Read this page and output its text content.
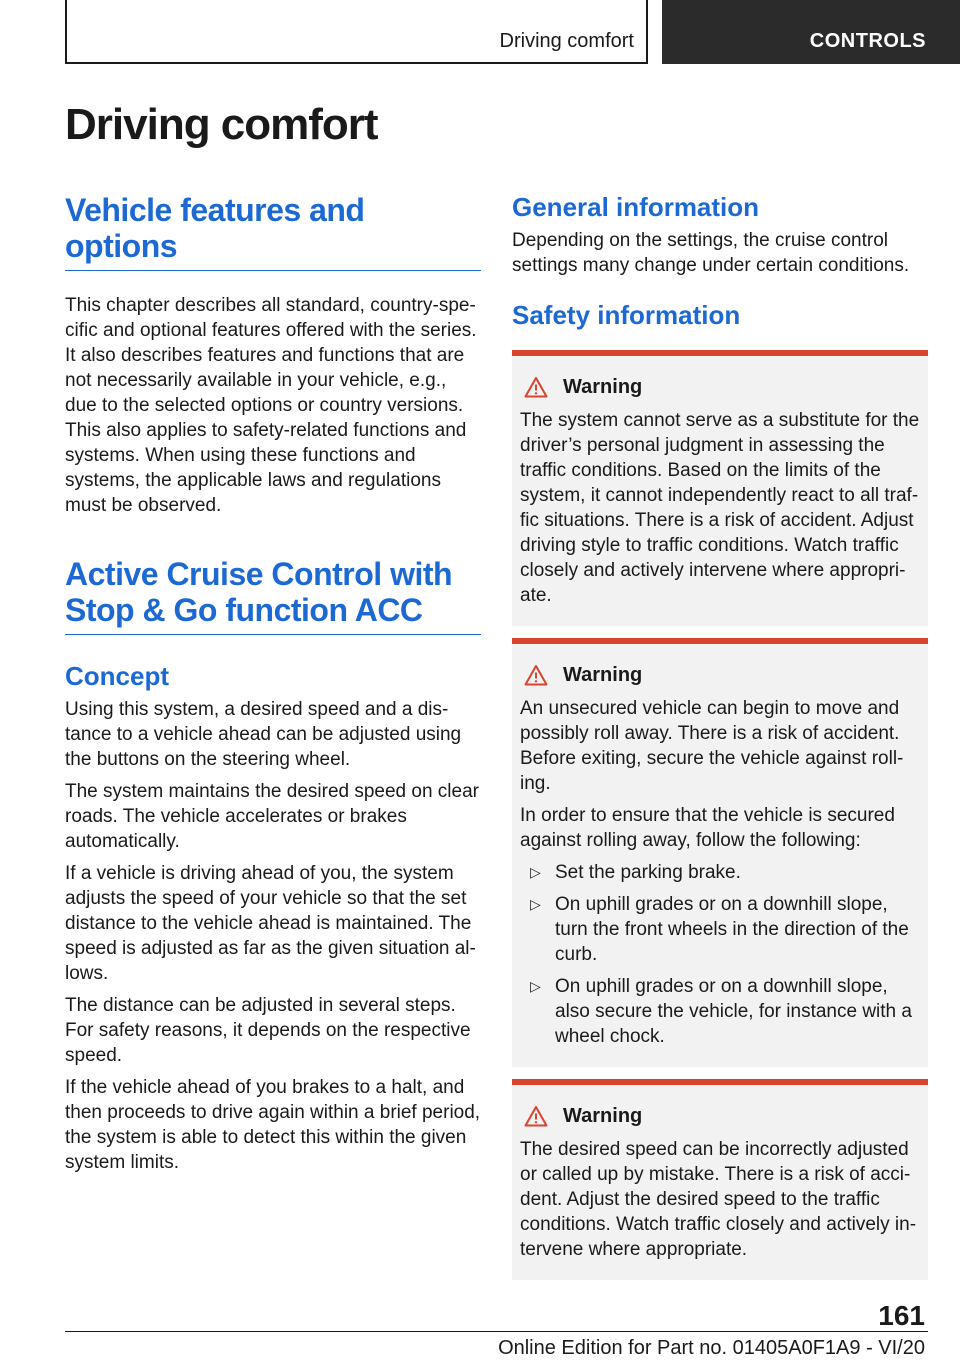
Driving comfort	CONTROLS
Driving comfort
Vehicle features and options

This chapter describes all standard, country-specific and optional features offered with the series. It also describes features and functions that are not necessarily available in your vehicle, e.g., due to the selected options or country versions. This also applies to safety-related functions and systems. When using these functions and systems, the applicable laws and regulations must be observed.

Active Cruise Control with Stop & Go function ACC
Concept

Using this system, a desired speed and a distance to a vehicle ahead can be adjusted using the buttons on the steering wheel.

The system maintains the desired speed on clear roads. The vehicle accelerates or brakes automatically.

If a vehicle is driving ahead of you, the system adjusts the speed of your vehicle so that the set distance to the vehicle ahead is maintained. The speed is adjusted as far as the given situation allows.

The distance can be adjusted in several steps. For safety reasons, it depends on the respective speed.

If the vehicle ahead of you brakes to a halt, and then proceeds to drive again within a brief period, the system is able to detect this within the given system limits.

General information

Depending on the settings, the cruise control settings many change under certain conditions.

Safety information
Warning

The system cannot serve as a substitute for the driver’s personal judgment in assessing the traffic conditions. Based on the limits of the system, it cannot independently react to all traffic situations. There is a risk of accident. Adjust driving style to traffic conditions. Watch traffic closely and actively intervene where appropriate.

Warning

An unsecured vehicle can begin to move and possibly roll away. There is a risk of accident. Before exiting, secure the vehicle against rolling.

In order to ensure that the vehicle is secured against rolling away, follow the following:

▷ Set the parking brake.

▷ On uphill grades or on a downhill slope, turn the front wheels in the direction of the curb.

▷ On uphill grades or on a downhill slope, also secure the vehicle, for instance with a wheel chock.

Warning

The desired speed can be incorrectly adjusted or called up by mistake. There is a risk of accident. Adjust the desired speed to the traffic conditions. Watch traffic closely and actively intervene where appropriate.

161
Online Edition for Part no. 01405A0F1A9 - VI/20
